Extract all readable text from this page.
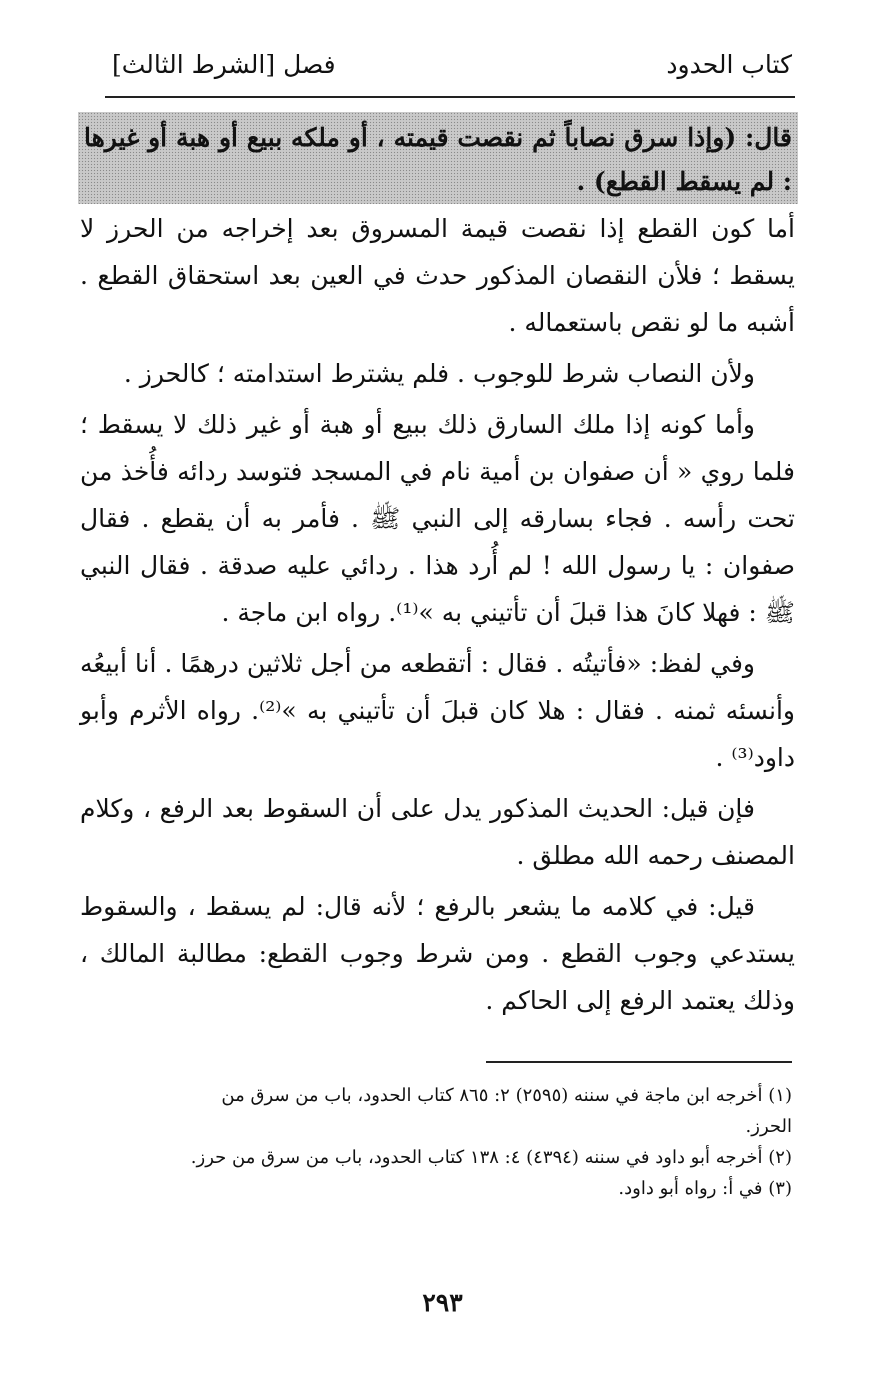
كتاب الحدود
فصل [الشرط الثالث]
قال: (وإذا سرق نصاباً ثم نقصت قيمته ، أو ملكه ببيع أو هبة أو غيرها : لم يسقط القطع) .

أما كون القطع إذا نقصت قيمة المسروق بعد إخراجه من الحرز لا يسقط ؛ فلأن النقصان المذكور حدث في العين بعد استحقاق القطع . أشبه ما لو نقص باستعماله .

ولأن النصاب شرط للوجوب . فلم يشترط استدامته ؛ كالحرز .

وأما كونه إذا ملك السارق ذلك ببيع أو هبة أو غير ذلك لا يسقط ؛ فلما روي « أن صفوان بن أمية نام في المسجد فتوسد ردائه فأُخذ من تحت رأسه . فجاء بسارقه إلى النبي ﷺ . فأمر به أن يقطع . فقال صفوان : يا رسول الله ! لم أُرد هذا . ردائي عليه صدقة . فقال النبي ﷺ : فهلا كانَ هذا قبلَ أن تأتيني به »⁽¹⁾. رواه ابن ماجة .

وفي لفظ: «فأتيتُه . فقال : أتقطعه من أجل ثلاثين درهمًا . أنا أبيعُه وأنسئه ثمنه . فقال : هلا كان قبلَ أن تأتيني به »⁽²⁾. رواه الأثرم وأبو داود⁽³⁾ .

فإن قيل: الحديث المذكور يدل على أن السقوط بعد الرفع ، وكلام المصنف رحمه الله مطلق .

قيل: في كلامه ما يشعر بالرفع ؛ لأنه قال: لم يسقط ، والسقوط يستدعي وجوب القطع . ومن شرط وجوب القطع: مطالبة المالك ، وذلك يعتمد الرفع إلى الحاكم .

(١) أخرجه ابن ماجة في سننه (٢٥٩٥) ٢: ٨٦٥ كتاب الحدود، باب من سرق من الحرز.
(٢) أخرجه أبو داود في سننه (٤٣٩٤) ٤: ١٣٨ كتاب الحدود، باب من سرق من حرز.
(٣) في أ: رواه أبو داود.
٢٩٣
